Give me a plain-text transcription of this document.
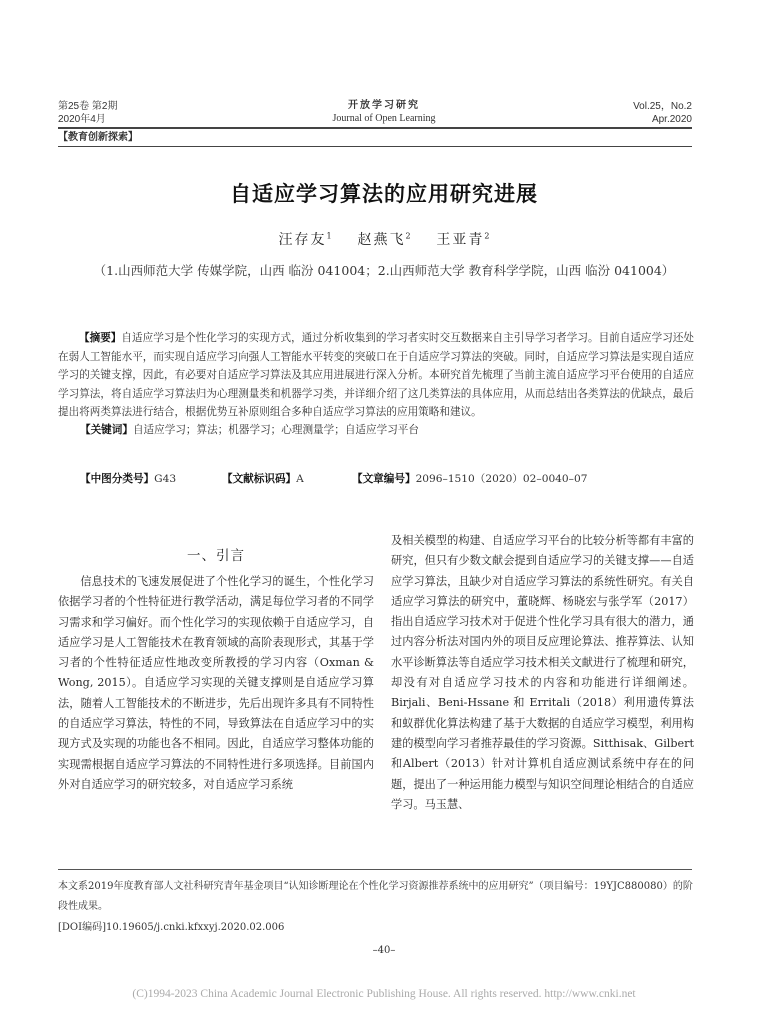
第25卷 第2期
2020年4月
开放学习研究
Journal of Open Learning
Vol.25，No.2
Apr.2020
【教育创新探索】
自适应学习算法的应用研究进展
汪存友$^1$ 赵燕飞$^2$ 王亚青$^2$
（1.山西师范大学 传媒学院，山西 临汾 041004；2.山西师范大学 教育科学学院，山西 临汾 041004）
【摘要】自适应学习是个性化学习的实现方式，通过分析收集到的学习者实时交互数据来自主引导学习者学习。目前自适应学习还处在弱人工智能水平，而实现自适应学习向强人工智能水平转变的突破口在于自适应学习算法的突破。同时，自适应学习算法是实现自适应学习的关键支撑，因此，有必要对自适应学习算法及其应用进展进行深入分析。本研究首先梳理了当前主流自适应学习平台使用的自适应学习算法，将自适应学习算法归为心理测量类和机器学习类，并详细介绍了这几类算法的具体应用，从而总结出各类算法的优缺点，最后提出将两类算法进行结合，根据优势互补原则组合多种自适应学习算法的应用策略和建议。
【关键词】自适应学习；算法；机器学习；心理测量学；自适应学习平台
【中图分类号】G43	【文献标识码】A	【文章编号】2096–1510（2020）02–0040–07
一、引言

信息技术的飞速发展促进了个性化学习的诞生，个性化学习依据学习者的个性特征进行教学活动，满足每位学习者的不同学习需求和学习偏好。而个性化学习的实现依赖于自适应学习，自适应学习是人工智能技术在教育领域的高阶表现形式，其基于学习者的个性特征适应性地改变所教授的学习内容（Oxman & Wong, 2015）。自适应学习实现的关键支撑则是自适应学习算法，随着人工智能技术的不断进步，先后出现许多具有不同特性的自适应学习算法，特性的不同，导致算法在自适应学习中的实现方式及实现的功能也各不相同。因此，自适应学习整体功能的实现需根据自适应学习算法的不同特性进行多项选择。目前国内外对自适应学习的研究较多，对自适应学习系统

及相关模型的构建、自适应学习平台的比较分析等都有丰富的研究，但只有少数文献会提到自适应学习的关键支撑——自适应学习算法，且缺少对自适应学习算法的系统性研究。有关自适应学习算法的研究中，董晓辉、杨晓宏与张学军（2017）指出自适应学习技术对于促进个性化学习具有很大的潜力，通过内容分析法对国内外的项目反应理论算法、推荐算法、认知水平诊断算法等自适应学习技术相关文献进行了梳理和研究，却没有对自适应学习技术的内容和功能进行详细阐述。Birjali、Beni-Hssane 和 Erritali（2018）利用遗传算法和蚁群优化算法构建了基于大数据的自适应学习模型，利用构建的模型向学习者推荐最佳的学习资源。Sitthisak、Gilbert和Albert（2013）针对计算机自适应测试系统中存在的问题，提出了一种运用能力模型与知识空间理论相结合的自适应学习。马玉慧、

本文系2019年度教育部人文社科研究青年基金项目“认知诊断理论在个性化学习资源推荐系统中的应用研究”（项目编号：19YJC880080）的阶段性成果。
[DOI编码]10.19605/j.cnki.kfxxyj.2020.02.006
–40–
(C)1994-2023 China Academic Journal Electronic Publishing House. All rights reserved. http://www.cnki.net
